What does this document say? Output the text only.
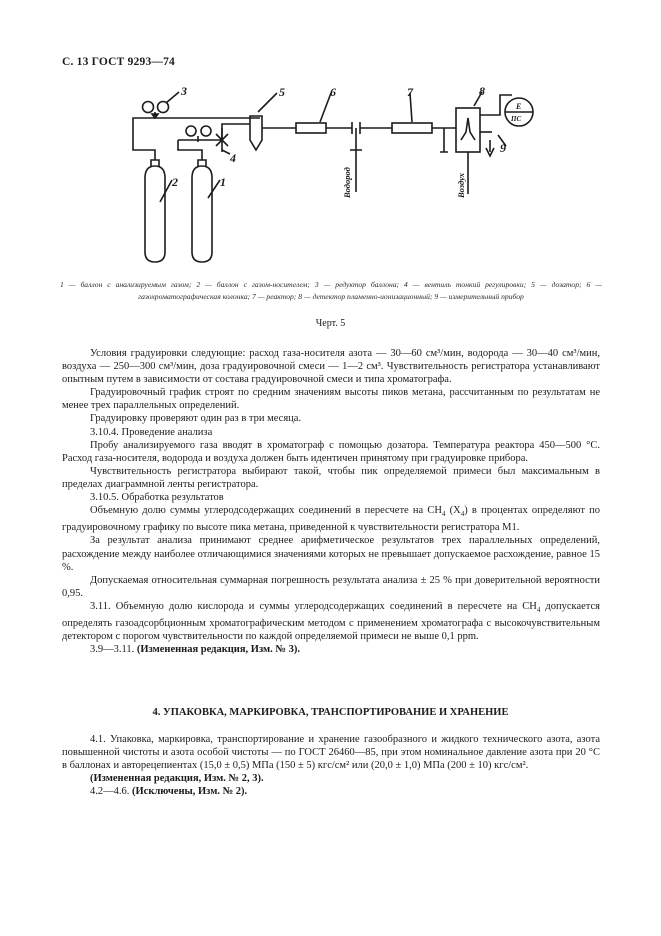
С. 13 ГОСТ 9293—74
3	5	6	7	8
2	1
4
9
Водород	Воздух
Е
ПС
1 — баллон с анализируемым газом; 2 — баллон с газом-носителем; 3 — редуктор баллона; 4 — вентиль тонкий регулировки; 5 — дозатор; 6 — газохроматографическая колонка; 7 — реактор; 8 — детектор пламенно-ионизационный; 9 — измерительный прибор
Черт. 5

Условия градуировки следующие: расход газа-носителя азота — 30—60 см³/мин, водорода — 30—40 см³/мин, воздуха — 250—300 см³/мин, доза градуировочной смеси — 1—2 см³. Чувствительность регистратора устанавливают опытным путем в зависимости от состава градуировочной смеси и типа хроматографа.

Градуировочный график строят по средним значениям высоты пиков метана, рассчитанным по результатам не менее трех параллельных определений.

Градуировку проверяют один раз в три месяца.

3.10.4. Проведение анализа

Пробу анализируемого газа вводят в хроматограф с помощью дозатора. Температура реактора 450—500 °С. Расход газа-носителя, водорода и воздуха должен быть идентичен принятому при градуировке прибора.

Чувствительность регистратора выбирают такой, чтобы пик определяемой примеси был максимальным в пределах диаграммной ленты регистратора.

3.10.5. Обработка результатов

Объемную долю суммы углеродсодержащих соединений в пересчете на $CH_4$ $(X_4)$ в процентах определяют по градуировочному графику по высоте пика метана, приведенной к чувствительности регистратора М1.

За результат анализа принимают среднее арифметическое результатов трех параллельных определений, расхождение между наиболее отличающимися значениями которых не превышает допускаемое расхождение, равное 15 %.

Допускаемая относительная суммарная погрешность результата анализа ± 25 % при доверительной вероятности 0,95.

3.11. Объемную долю кислорода и суммы углеродсодержащих соединений в пересчете на $CH_4$ допускается определять газоадсорбционным хроматографическим методом с применением хроматографа с высокочувствительным детектором с порогом чувствительности по каждой определяемой примеси не выше 0,1 ppm.

3.9—3.11. (Измененная редакция, Изм. № 3).

4. УПАКОВКА, МАРКИРОВКА, ТРАНСПОРТИРОВАНИЕ И ХРАНЕНИЕ

4.1. Упаковка, маркировка, транспортирование и хранение газообразного и жидкого технического азота, азота повышенной чистоты и азота особой чистоты — по ГОСТ 26460—85, при этом номинальное давление азота при 20 °С в баллонах и авторецепиентах (15,0 ± 0,5) МПа (150 ± 5) кгс/см² или (20,0 ± 1,0) МПа (200 ± 10) кгс/см².

(Измененная редакция, Изм. № 2, 3).

4.2—4.6. (Исключены, Изм. № 2).
